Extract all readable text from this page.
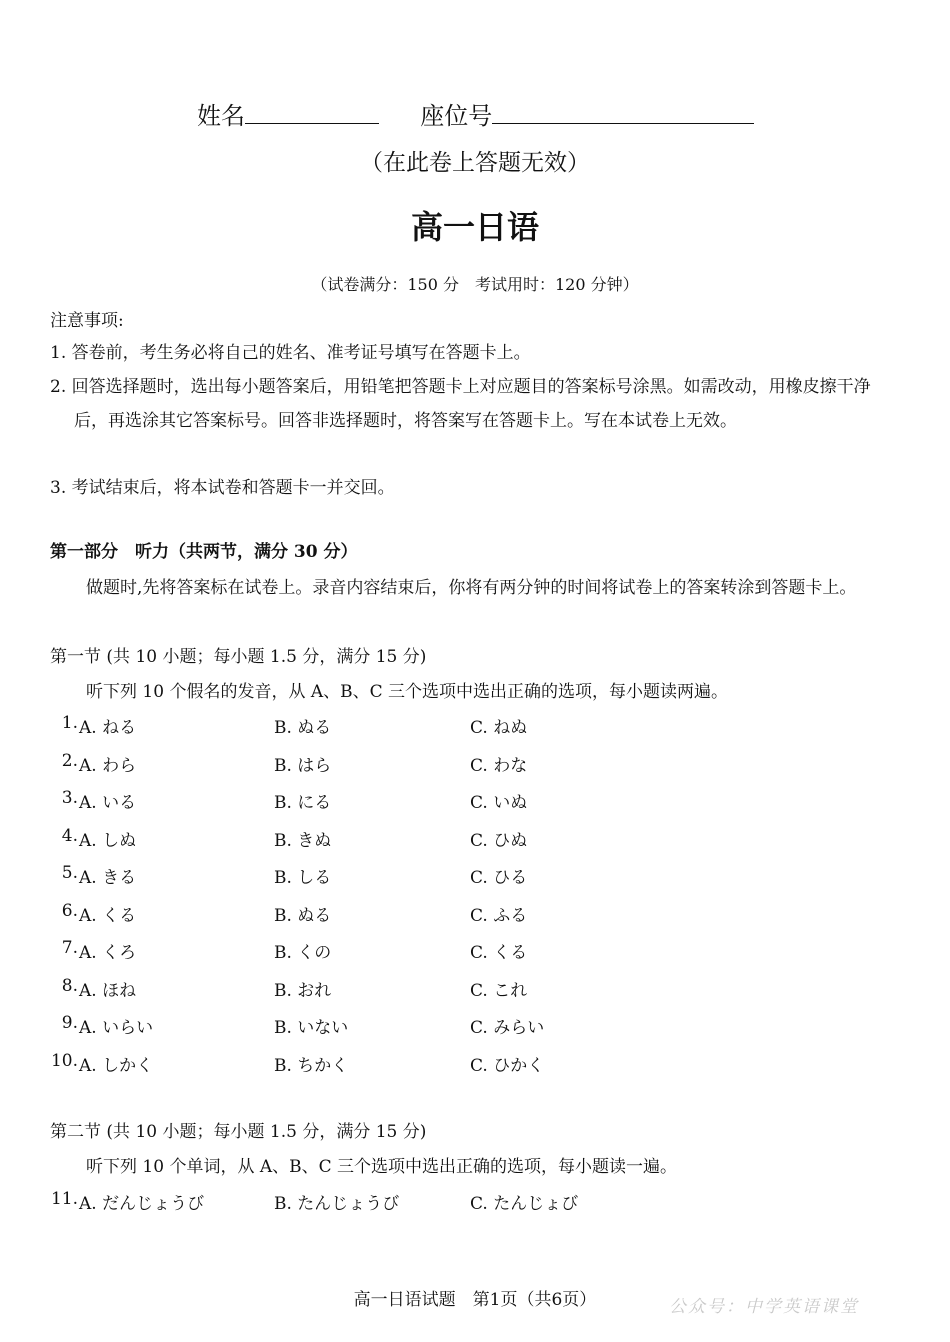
姓名	座位号
（在此卷上答题无效）
高一日语
（试卷满分：150 分　考试用时：120 分钟）
注意事项:
1. 答卷前，考生务必将自己的姓名、准考证号填写在答题卡上。
2. 回答选择题时，选出每小题答案后，用铅笔把答题卡上对应题目的答案标号涂黑。如需改动，用橡皮擦干净后，再选涂其它答案标号。回答非选择题时，将答案写在答题卡上。写在本试卷上无效。
3. 考试结束后，将本试卷和答题卡一并交回。
第一部分　听力（共两节，满分 30 分）
做题时,先将答案标在试卷上。录音内容结束后，你将有两分钟的时间将试卷上的答案转涂到答题卡上。
第一节 (共 10 小题；每小题 1.5 分，满分 15 分)
听下列 10 个假名的发音，从 A、B、C 三个选项中选出正确的选项，每小题读两遍。
1. A. ねる	B. ぬる	C. ねぬ
2. A. わら	B. はら	C. わな
3. A. いる	B. にる	C. いぬ
4. A. しぬ	B. きぬ	C. ひぬ
5. A. きる	B. しる	C. ひる
6. A. くる	B. ぬる	C. ふる
7. A. くろ	B. くの	C. くる
8. A. ほね	B. おれ	C. これ
9. A. いらい	B. いない	C. みらい
10. A. しかく	B. ちかく	C. ひかく
第二节 (共 10 小题；每小题 1.5 分，满分 15 分)
听下列 10 个单词，从 A、B、C 三个选项中选出正确的选项，每小题读一遍。
11. A. だんじょうび	B. たんじょうび	C. たんじょび
高一日语试题　第1页（共6页）	公众号：中学英语课堂
